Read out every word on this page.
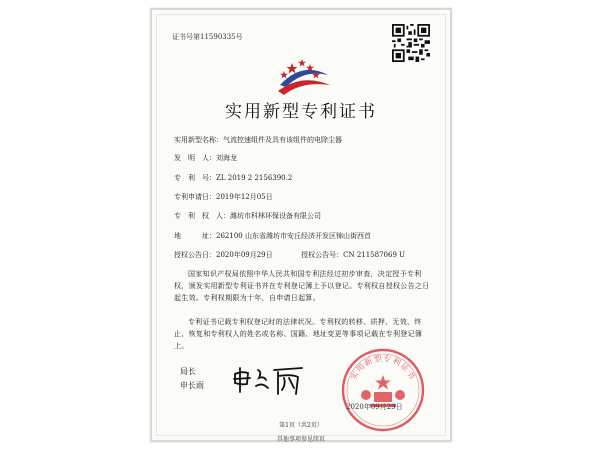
证书号第11590335号
实用新型专利证书
实用新型名称：气流控速组件及具有该组件的电除尘器
发　明　人：刘海龙
专　利　号：ZL 2019 2 2156390.2
专利申请日：2019年12月05日
专　利　权　人：潍坊市科林环保设备有限公司
地　　　址：262100 山东省潍坊市安丘经济开发区锦山街西首
授权公告日：2020年09月29日	授权公告号：CN 211587069 U
国家知识产权局依照中华人民共和国专利法经过初步审查，决定授予专利权，颁发实用新型专利证书并在专利登记簿上予以登记。专利权自授权公告之日起生效。专利权期限为十年，自申请日起算。
专利证书记载专利权登记时的法律状况。专利权的转移、质押、无效、终止、恢复和专利权人的姓名或名称、国籍、地址变更等事项记载在专利登记簿上。
局长
申长雨
实用新型专利证书
2020年09月29日
第1页（共2页）
其他事项参见续页
